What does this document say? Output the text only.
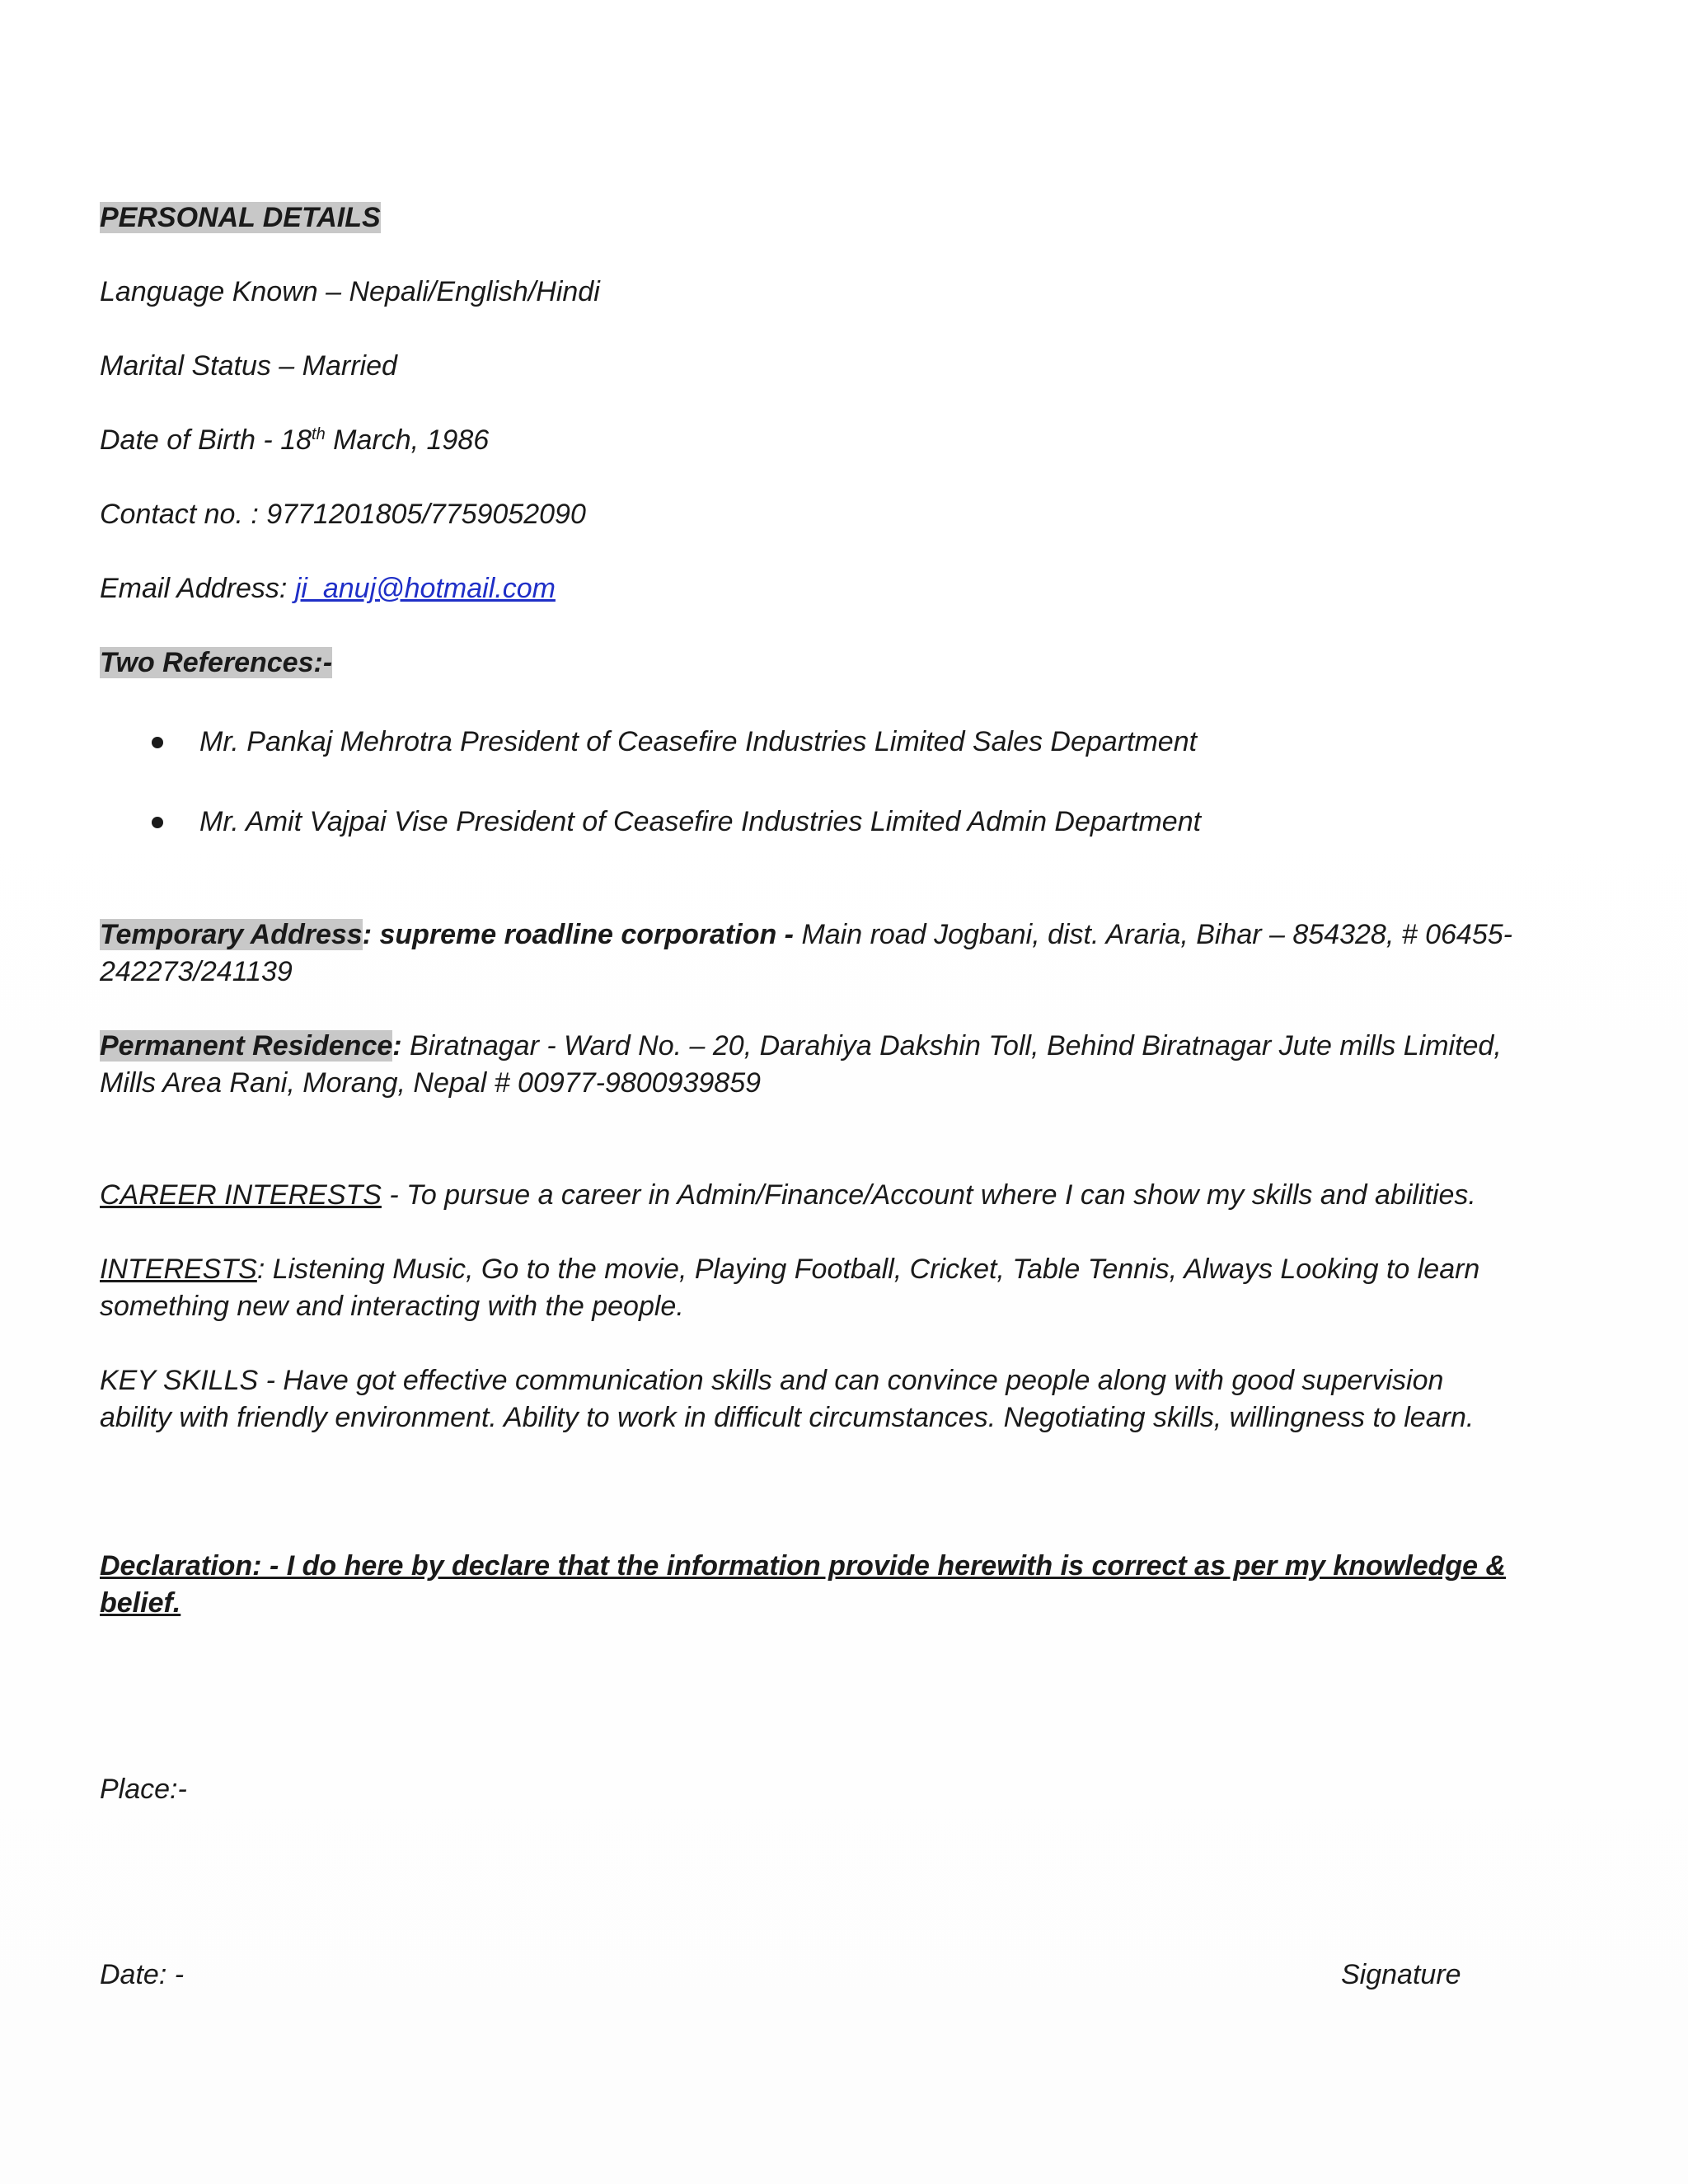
PERSONAL DETAILS
Language Known – Nepali/English/Hindi
Marital Status – Married
Date of Birth - 18th March, 1986
Contact no. : 9771201805/7759052090
Email Address: ji_anuj@hotmail.com
Two References:-
Mr. Pankaj Mehrotra President of Ceasefire Industries Limited Sales Department
Mr. Amit Vajpai Vise President of Ceasefire Industries Limited Admin Department
Temporary Address: supreme roadline corporation - Main road Jogbani, dist. Araria, Bihar – 854328, # 06455-242273/241139
Permanent Residence: Biratnagar - Ward No. – 20, Darahiya Dakshin Toll, Behind Biratnagar Jute mills Limited, Mills Area Rani, Morang, Nepal # 00977-9800939859
CAREER INTERESTS - To pursue a career in Admin/Finance/Account where I can show my skills and abilities.
INTERESTS: Listening Music, Go to the movie, Playing Football, Cricket, Table Tennis, Always Looking to learn something new and interacting with the people.
KEY SKILLS - Have got effective communication skills and can convince people along with good supervision ability with friendly environment. Ability to work in difficult circumstances. Negotiating skills, willingness to learn.
Declaration: - I do here by declare that the information provide herewith is correct as per my knowledge & belief.
Place:-
Date: -	Signature
